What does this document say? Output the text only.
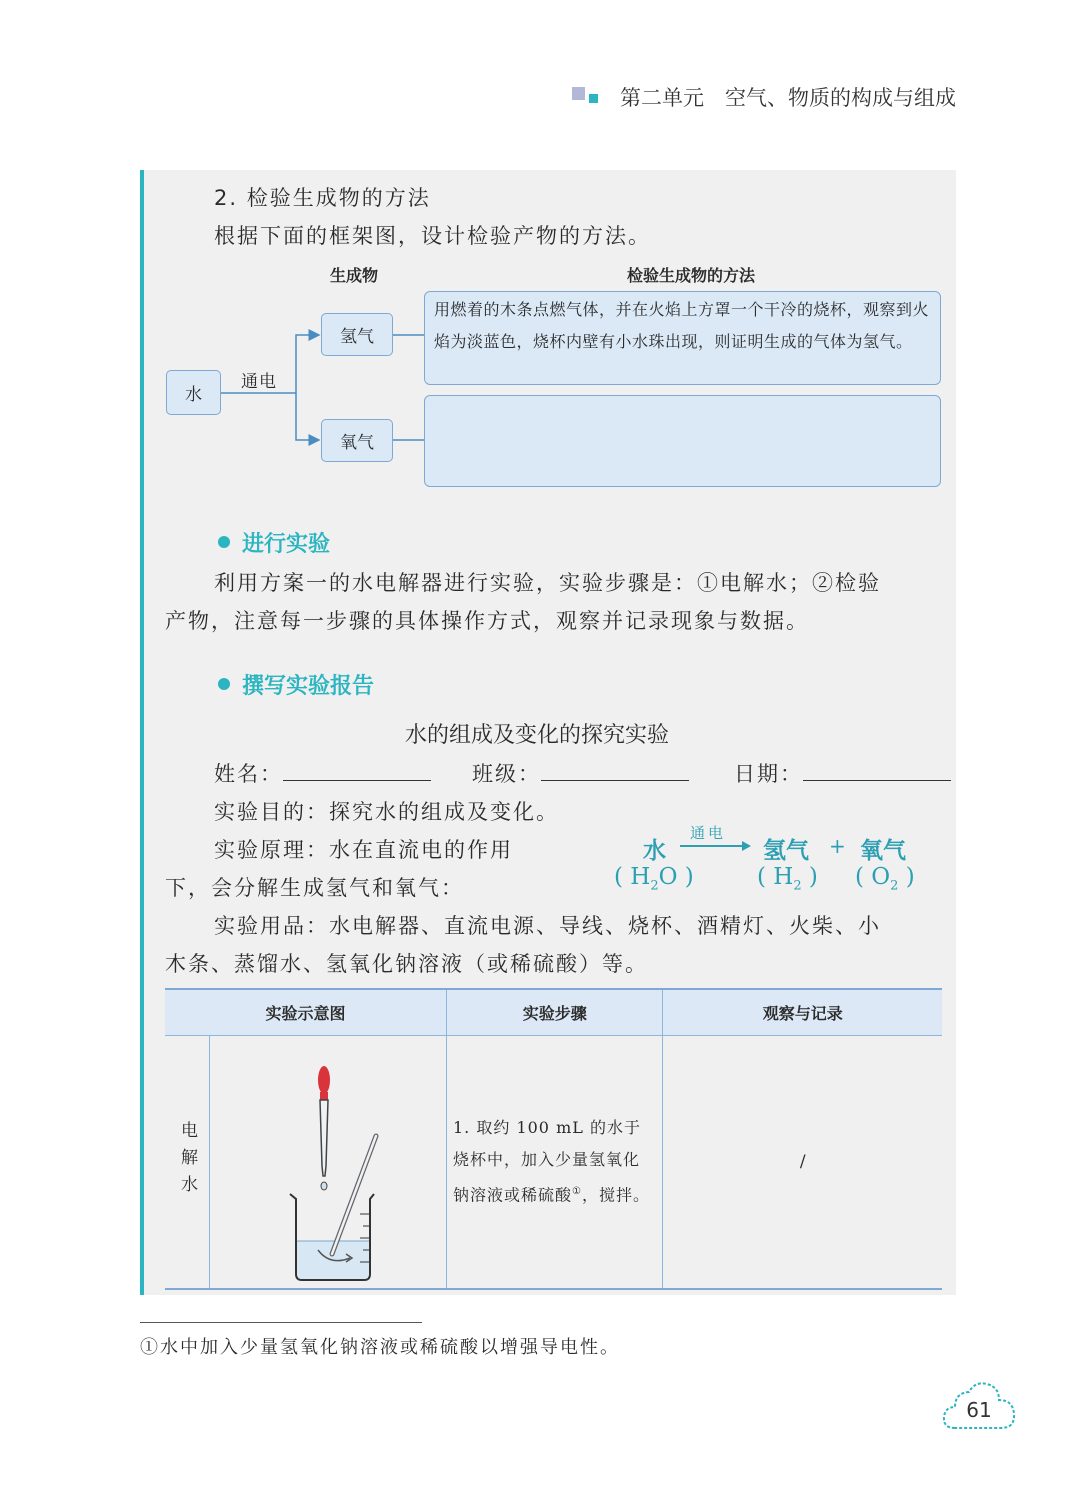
第二单元　空气、物质的构成与组成
2. 检验生成物的方法
根据下面的框架图，设计检验产物的方法。
生成物	检验生成物的方法
水
通电
氢气
氧气
用燃着的木条点燃气体，并在火焰上方罩一个干冷的烧杯，观察到火焰为淡蓝色，烧杯内壁有小水珠出现，则证明生成的气体为氢气。
进行实验
利用方案一的水电解器进行实验，实验步骤是：①电解水；②检验
产物，注意每一步骤的具体操作方式，观察并记录现象与数据。
撰写实验报告
水的组成及变化的探究实验
姓名：	班级：	日期：
实验目的：探究水的组成及变化。
实验原理：水在直流电的作用
下，会分解生成氢气和氧气：
水
通电
氢气 + 氧气
( $H_2O$ )	( $H_2$ ) ( $O_2$ )
实验用品：水电解器、直流电源、导线、烧杯、酒精灯、火柴、小
木条、蒸馏水、氢氧化钠溶液（或稀硫酸）等。
实验示意图		实验步骤	观察与记录

电解水		1. 取约 100 mL 的水于烧杯中，加入少量氢氧化钠溶液或稀硫酸①，搅拌。	/
①水中加入少量氢氧化钠溶液或稀硫酸以增强导电性。
61
